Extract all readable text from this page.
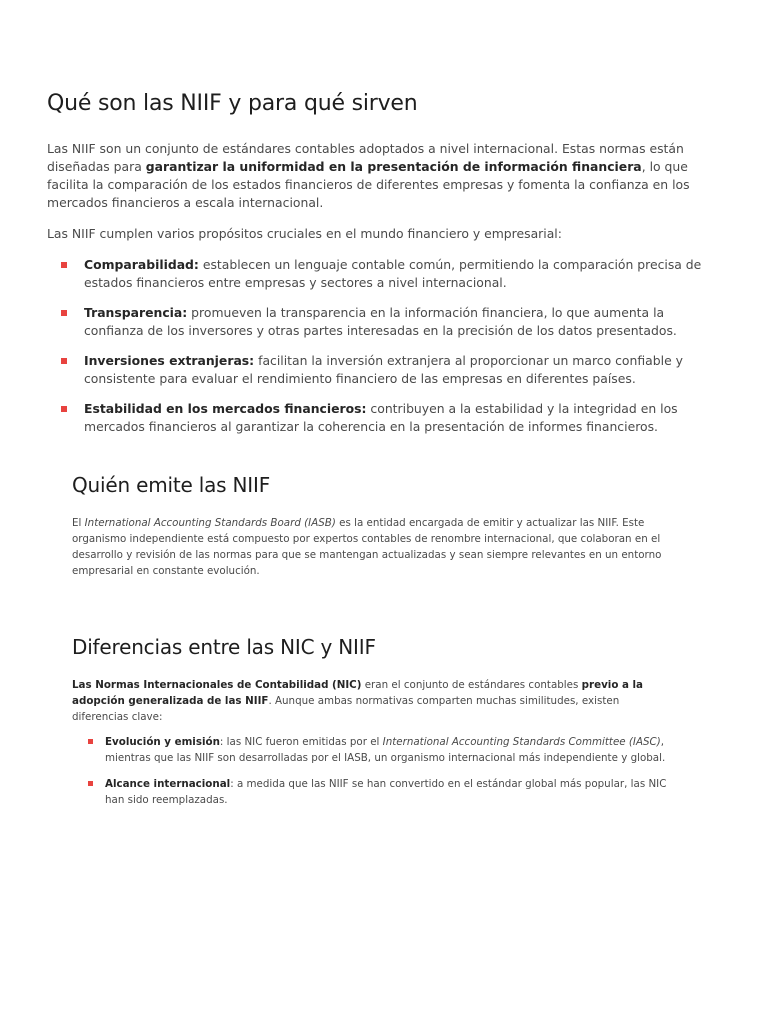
Qué son las NIIF y para qué sirven

Las NIIF son un conjunto de estándares contables adoptados a nivel internacional. Estas normas están diseñadas para garantizar la uniformidad en la presentación de información financiera, lo que facilita la comparación de los estados financieros de diferentes empresas y fomenta la confianza en los mercados financieros a escala internacional.

Las NIIF cumplen varios propósitos cruciales en el mundo financiero y empresarial:

Comparabilidad: establecen un lenguaje contable común, permitiendo la comparación precisa de estados financieros entre empresas y sectores a nivel internacional.
Transparencia: promueven la transparencia en la información financiera, lo que aumenta la confianza de los inversores y otras partes interesadas en la precisión de los datos presentados.
Inversiones extranjeras: facilitan la inversión extranjera al proporcionar un marco confiable y consistente para evaluar el rendimiento financiero de las empresas en diferentes países.
Estabilidad en los mercados financieros: contribuyen a la estabilidad y la integridad en los mercados financieros al garantizar la coherencia en la presentación de informes financieros.
Quién emite las NIIF

El International Accounting Standards Board (IASB) es la entidad encargada de emitir y actualizar las NIIF. Este organismo independiente está compuesto por expertos contables de renombre internacional, que colaboran en el desarrollo y revisión de las normas para que se mantengan actualizadas y sean siempre relevantes en un entorno empresarial en constante evolución.

Diferencias entre las NIC y NIIF

Las Normas Internacionales de Contabilidad (NIC) eran el conjunto de estándares contables previo a la adopción generalizada de las NIIF. Aunque ambas normativas comparten muchas similitudes, existen diferencias clave:

Evolución y emisión: las NIC fueron emitidas por el International Accounting Standards Committee (IASC), mientras que las NIIF son desarrolladas por el IASB, un organismo internacional más independiente y global.
Alcance internacional: a medida que las NIIF se han convertido en el estándar global más popular, las NIC han sido reemplazadas.
